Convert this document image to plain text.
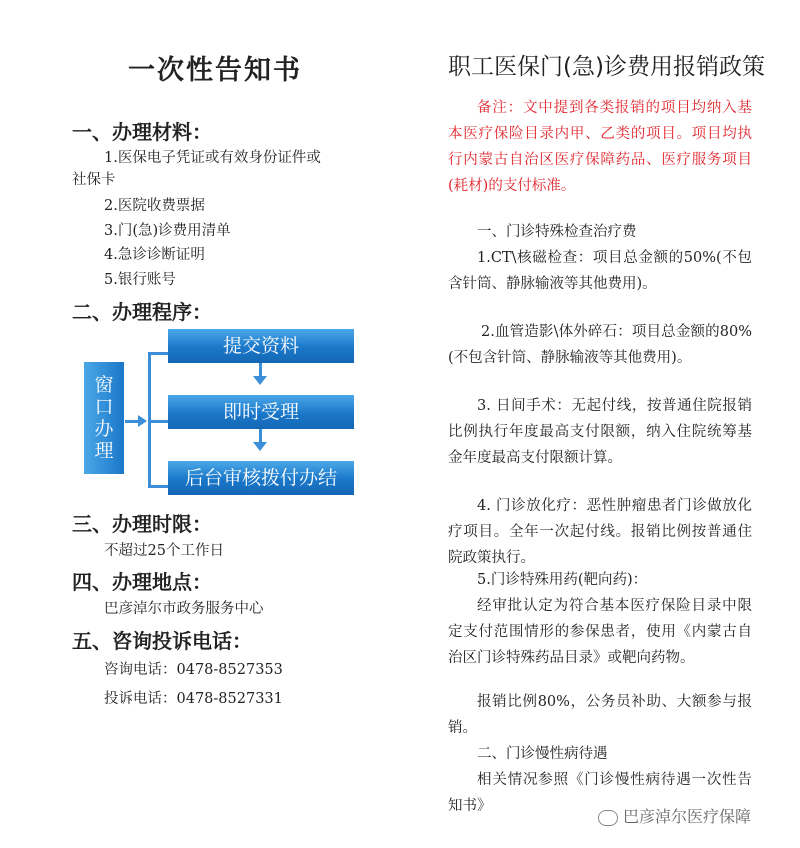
一次性告知书
一、办理材料：
1.医保电子凭证或有效身份证件或
社保卡
2.医院收费票据
3.门(急)诊费用清单
4.急诊诊断证明
5.银行账号
二、办理程序：
窗口办理
提交资料
即时受理
后台审核拨付办结
三、办理时限：
不超过25个工作日
四、办理地点：
巴彦淖尔市政务服务中心
五、咨询投诉电话：
咨询电话：0478-8527353
投诉电话：0478-8527331
职工医保门(急)诊费用报销政策
备注：文中提到各类报销的项目均纳入基本医疗保险目录内甲、乙类的项目。项目均执行内蒙古自治区医疗保障药品、医疗服务项目(耗材)的支付标准。
一、门诊特殊检查治疗费
1.CT\核磁检查：项目总金额的50%(不包含针筒、静脉输液等其他费用)。
2.血管造影\体外碎石：项目总金额的80%(不包含针筒、静脉输液等其他费用)。
3. 日间手术：无起付线，按普通住院报销比例执行年度最高支付限额，纳入住院统筹基金年度最高支付限额计算。
4. 门诊放化疗：恶性肿瘤患者门诊做放化疗项目。全年一次起付线。报销比例按普通住院政策执行。
5.门诊特殊用药(靶向药)：
经审批认定为符合基本医疗保险目录中限定支付范围情形的参保患者，使用《内蒙古自治区门诊特殊药品目录》或靶向药物。
报销比例80%，公务员补助、大额参与报销。
二、门诊慢性病待遇
相关情况参照《门诊慢性病待遇一次性告知书》
巴彦淖尔医疗保障
